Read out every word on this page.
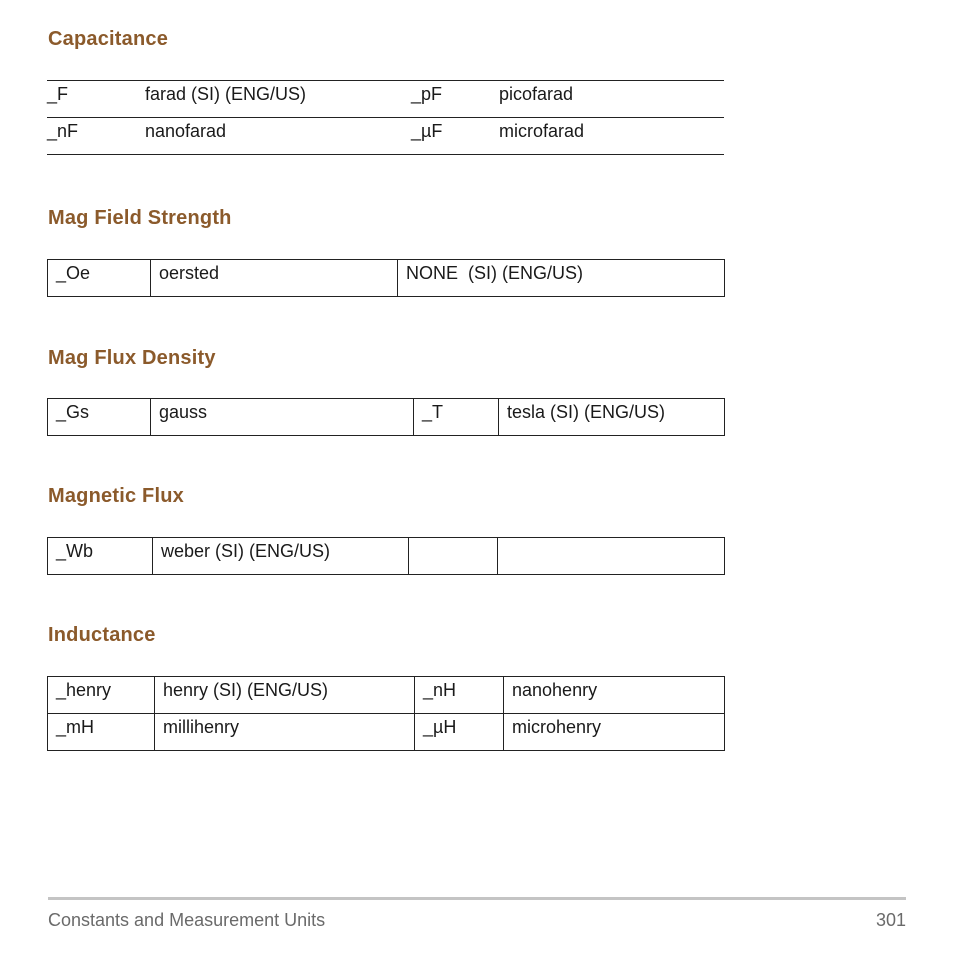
Capacitance
_F	farad (SI) (ENG/US)	_pF	picofarad
_nF	nanofarad	_µF	microfarad
Mag Field Strength
_Oe	oersted	NONE  (SI) (ENG/US)
Mag Flux Density
_Gs	gauss	_T	tesla (SI) (ENG/US)
Magnetic Flux
_Wb	weber (SI) (ENG/US)		
Inductance
_henry	henry (SI) (ENG/US)	_nH	nanohenry
_mH	millihenry	_µH	microhenry
Constants and Measurement Units	301
